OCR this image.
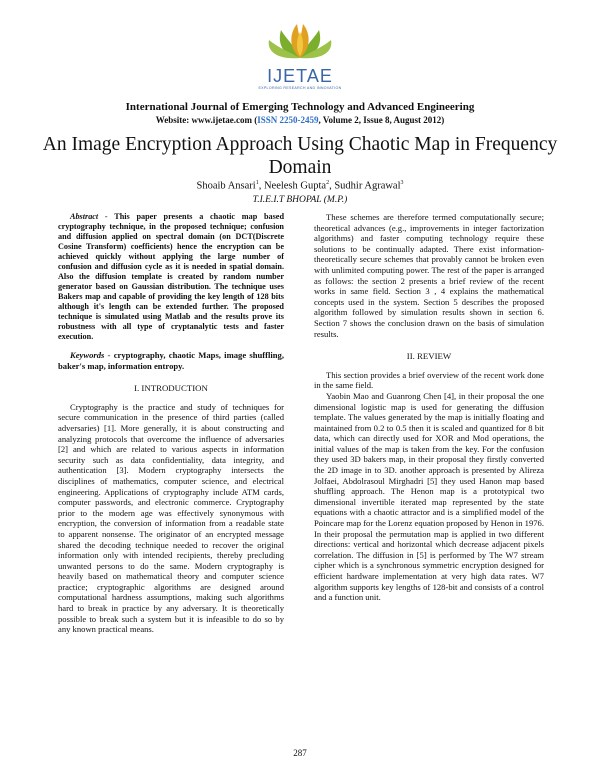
IJETAE
EXPLORING RESEARCH AND INNOVATION
International Journal of Emerging Technology and Advanced Engineering
Website: www.ijetae.com (ISSN 2250-2459, Volume 2, Issue 8, August 2012)
An Image Encryption Approach Using Chaotic Map in Frequency Domain
Shoaib Ansari$^1$, Neelesh Gupta$^2$, Sudhir Agrawal$^3$
T.I.E.I.T BHOPAL (M.P.)

Abstract - This paper presents a chaotic map based cryptography technique, in the proposed technique; confusion and diffusion applied on spectral domain (on DCT(Discrete Cosine Transform) coefficients) hence the encryption can be achieved quickly without applying the large number of confusion and diffusion cycle as it is needed in spatial domain. Also the diffusion template is created by random number generator based on Gaussian distribution. The technique uses Bakers map and capable of providing the key length of 128 bits although it's length can be extended further. The proposed technique is simulated using Matlab and the results prove its robustness with all type of cryptanalytic tests and faster execution.

Keywords - cryptography, chaotic Maps, image shuffling, baker's map, information entropy.

I. INTRODUCTION

Cryptography is the practice and study of techniques for secure communication in the presence of third parties (called adversaries) [1]. More generally, it is about constructing and analyzing protocols that overcome the influence of adversaries [2] and which are related to various aspects in information security such as data confidentiality, data integrity, and authentication [3]. Modern cryptography intersects the disciplines of mathematics, computer science, and electrical engineering. Applications of cryptography include ATM cards, computer passwords, and electronic commerce. Cryptography prior to the modern age was effectively synonymous with encryption, the conversion of information from a readable state to apparent nonsense. The originator of an encrypted message shared the decoding technique needed to recover the original information only with intended recipients, thereby precluding unwanted persons to do the same. Modern cryptography is heavily based on mathematical theory and computer science practice; cryptographic algorithms are designed around computational hardness assumptions, making such algorithms hard to break in practice by any adversary. It is theoretically possible to break such a system but it is infeasible to do so by any known practical means.

These schemes are therefore termed computationally secure; theoretical advances (e.g., improvements in integer factorization algorithms) and faster computing technology require these solutions to be continually adapted. There exist information-theoretically secure schemes that provably cannot be broken even with unlimited computing power. The rest of the paper is arranged as follows: the section 2 presents a brief review of the recent works in same field. Section 3 , 4 explains the mathematical concepts used in the system. Section 5 describes the proposed algorithm followed by simulation results shown in section 6. Section 7 shows the conclusion drawn on the basis of simulation results.

II. REVIEW

This section provides a brief overview of the recent work done in the same field.

Yaobin Mao and Guanrong Chen [4], in their proposal the one dimensional logistic map is used for generating the diffusion template. The values generated by the map is initially floating and maintained from 0.2 to 0.5 then it is scaled and quantized for 8 bit data, which can directly used for XOR and Mod operations, the initial values of the map is taken from the key. For the confusion they used 3D bakers map, in their proposal they firstly converted the 2D image in to 3D. another approach is presented by Alireza Jolfaei, Abdolrasoul Mirghadri [5] they used Hanon map based shuffling approach. The Henon map is a prototypical two dimensional invertible iterated map represented by the state equations with a chaotic attractor and is a simplified model of the Poincare map for the Lorenz equation proposed by Henon in 1976. In their proposal the permutation map is applied in two different directions: vertical and horizontal which decrease adjacent pixels correlation. The diffusion in [5] is performed by The W7 stream cipher which is a synchronous symmetric encryption designed for efficient hardware implementation at very high data rates. W7 algorithm supports key lengths of 128-bit and consists of a control and a function unit.

287
